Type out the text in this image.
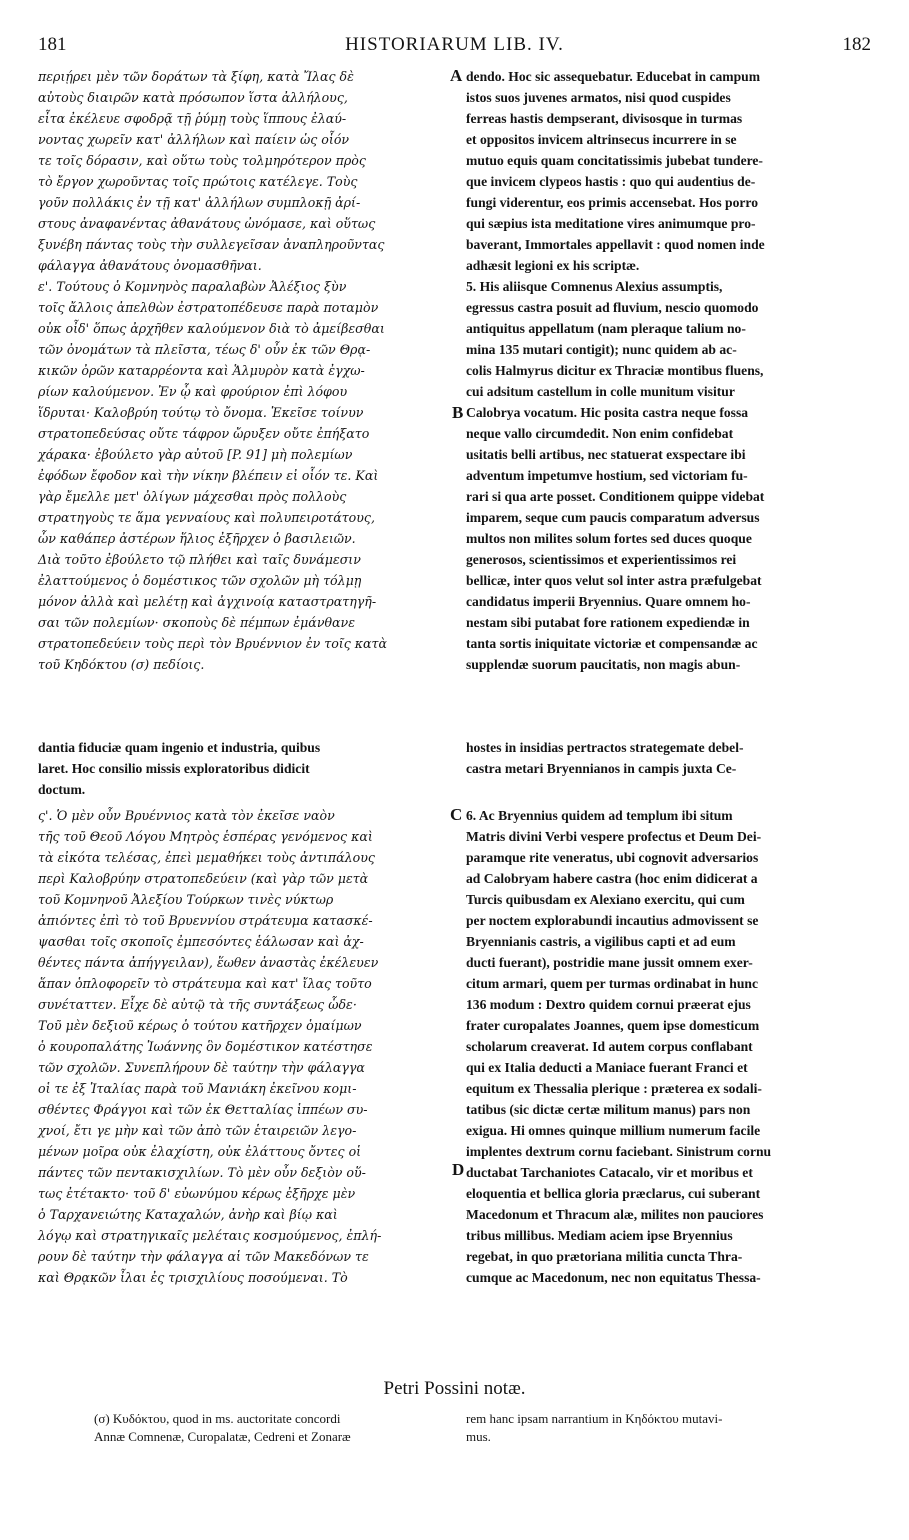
181	HISTORIARUM LIB. IV.	182
περιῄρει μὲν τῶν δοράτων τὰ ξίφη, κατὰ Ἴλας δὲ
αὐτοὺς διαιρῶν κατὰ πρόσωπον ἵστα ἀλλήλους,
εἶτα ἐκέλευε σφοδρᾷ τῇ ῥύμῃ τοὺς ἵππους ἐλαύ-
νοντας χωρεῖν κατ' ἀλλήλων καὶ παίειν ὡς οἷόν
τε τοῖς δόρασιν, καὶ οὕτω τοὺς τολμηρότερον πρὸς
τὸ ἔργον χωροῦντας τοῖς πρώτοις κατέλεγε. Τοὺς
γοῦν πολλάκις ἐν τῇ κατ' ἀλλήλων συμπλοκῇ ἀρί-
στους ἀναφανέντας ἀθανάτους ὠνόμασε, καὶ οὕτως
ξυνέβη πάντας τοὺς τὴν συλλεγεῖσαν ἀναπληροῦντας
φάλαγγα ἀθανάτους ὀνομασθῆναι.
ε'. Τούτους ὁ Κομνηνὸς παραλαβὼν Ἀλέξιος ξὺν
τοῖς ἄλλοις ἀπελθὼν ἐστρατοπέδευσε παρὰ ποταμὸν
οὐκ οἶδ' ὅπως ἀρχῆθεν καλούμενον διὰ τὸ ἀμείβεσθαι
τῶν ὀνομάτων τὰ πλεῖστα, τέως δ' οὖν ἐκ τῶν Θρᾳ-
κικῶν ὀρῶν καταρρέοντα καὶ Ἁλμυρὸν κατὰ ἐγχω-
ρίων καλούμενον. Ἐν ᾧ καὶ φρούριον ἐπὶ λόφου
ἵδρυται· Καλοβρύη τούτῳ τὸ ὄνομα. Ἐκεῖσε τοίνυν
στρατοπεδεύσας οὔτε τάφρον ὤρυξεν οὔτε ἐπήξατο
χάρακα· ἐβούλετο γὰρ αὐτοῦ [P. 91] μὴ πολεμίων
ἐφόδων ἔφοδον καὶ τὴν νίκην βλέπειν εἰ οἷόν τε. Καὶ
γὰρ ἔμελλε μετ' ὀλίγων μάχεσθαι πρὸς πολλοὺς
στρατηγοὺς τε ἅμα γενναίους καὶ πολυπειροτάτους,
ὧν καθάπερ ἀστέρων ἥλιος ἐξῆρχεν ὁ βασιλειῶν.
Διὰ τοῦτο ἐβούλετο τῷ πλήθει καὶ ταῖς δυνάμεσιν
ἐλαττούμενος ὁ δομέστικος τῶν σχολῶν μὴ τόλμῃ
μόνον ἀλλὰ καὶ μελέτῃ καὶ ἀγχινοίᾳ καταστρατηγῆ-
σαι τῶν πολεμίων· σκοποὺς δὲ πέμπων ἐμάνθανε
στρατοπεδεύειν τοὺς περὶ τὸν Βρυέννιον ἐν τοῖς κατὰ
τοῦ Κηδόκτου (σ) πεδίοις.
dendo. Hoc sic assequebatur. Educebat in campum
istos suos juvenes armatos, nisi quod cuspides
ferreas hastis dempserant, divisosque in turmas
et oppositos invicem altrinsecus incurrere in se
mutuo equis quam concitatissimis jubebat tundere-
que invicem clypeos hastis : quo qui audentius de-
fungi viderentur, eos primis accensebat. Hos porro
qui sæpius ista meditatione vires animumque pro-
baverant, Immortales appellavit : quod nomen inde
adhæsit legioni ex his scriptæ.
5. His aliisque Comnenus Alexius assumptis,
egressus castra posuit ad fluvium, nescio quomodo
antiquitus appellatum (nam pleraque talium no-
mina 135 mutari contigit); nunc quidem ab ac-
colis Halmyrus dicitur ex Thraciæ montibus fluens,
cui adsitum castellum in colle munitum visitur
Calobrya vocatum. Hic posita castra neque fossa
neque vallo circumdedit. Non enim confidebat
usitatis belli artibus, nec statuerat exspectare ibi
adventum impetumve hostium, sed victoriam fu-
rari si qua arte posset. Conditionem quippe videbat
imparem, seque cum paucis comparatum adversus
multos non milites solum fortes sed duces quoque
generosos, scientissimos et experientissimos rei
bellicæ, inter quos velut sol inter astra præfulgebat
candidatus imperii Bryennius. Quare omnem ho-
nestam sibi putabat fore rationem expediendæ in
tanta sortis iniquitate victoriæ et compensandæ ac
supplendæ suorum paucitatis, non magis abun-
dantia fiduciæ quam ingenio et industria, quibus
laret. Hoc consilio missis exploratoribus didicit
doctum.
hostes in insidias pertractos strategemate debel-
castra metari Bryennianos in campis juxta Ce-
ς'. Ὁ μὲν οὖν Βρυέννιος κατὰ τὸν ἐκεῖσε ναὸν
τῆς τοῦ Θεοῦ Λόγου Μητρὸς ἑσπέρας γενόμενος καὶ
τὰ εἰκότα τελέσας, ἐπεὶ μεμαθήκει τοὺς ἀντιπάλους
περὶ Καλοβρύην στρατοπεδεύειν (καὶ γὰρ τῶν μετὰ
τοῦ Κομνηνοῦ Ἀλεξίου Τούρκων τινὲς νύκτωρ
ἀπιόντες ἐπὶ τὸ τοῦ Βρυεννίου στράτευμα κατασκέ-
ψασθαι τοῖς σκοποῖς ἐμπεσόντες ἑάλωσαν καὶ ἀχ-
θέντες πάντα ἀπήγγειλαν), ἕωθεν ἀναστὰς ἐκέλευεν
ἅπαν ὁπλοφορεῖν τὸ στράτευμα καὶ κατ' ἴλας τοῦτο
συνέταττεν. Εἶχε δὲ αὐτῷ τὰ τῆς συντάξεως ὧδε·
Τοῦ μὲν δεξιοῦ κέρως ὁ τούτου κατῆρχεν ὁμαίμων
ὁ κουροπαλάτης Ἰωάννης ὃν δομέστικον κατέστησε
τῶν σχολῶν. Συνεπλήρουν δὲ ταύτην τὴν φάλαγγα
οἱ τε ἐξ Ἰταλίας παρὰ τοῦ Μανιάκη ἐκεῖνου κομι-
σθέντες Φράγγοι καὶ τῶν ἐκ Θετταλίας ἱππέων συ-
χνοί, ἔτι γε μὴν καὶ τῶν ἀπὸ τῶν ἑταιρειῶν λεγο-
μένων μοῖρα οὐκ ἐλαχίστη, οὐκ ἐλάττους ὄντες οἱ
πάντες τῶν πεντακισχιλίων. Τὸ μὲν οὖν δεξιὸν οὕ-
τως ἐτέτακτο· τοῦ δ' εὐωνύμου κέρως ἐξῆρχε μὲν
ὁ Ταρχανειώτης Καταχαλών, ἀνὴρ καὶ βίῳ καὶ
λόγῳ καὶ στρατηγικαῖς μελέταις κοσμούμενος, ἐπλή-
ρουν δὲ ταύτην τὴν φάλαγγα αἱ τῶν Μακεδόνων τε
καὶ Θρᾳκῶν ἶλαι ἐς τρισχιλίους ποσούμεναι. Τὸ
6. Ac Bryennius quidem ad templum ibi situm
Matris divini Verbi vespere profectus et Deum Dei-
paramque rite veneratus, ubi cognovit adversarios
ad Calobryam habere castra (hoc enim didicerat a
Turcis quibusdam ex Alexiano exercitu, qui cum
per noctem explorabundi incautius admovissent se
Bryennianis castris, a vigilibus capti et ad eum
ducti fuerant), postridie mane jussit omnem exer-
citum armari, quem per turmas ordinabat in hunc
136 modum : Dextro quidem cornui præerat ejus
frater curopalates Joannes, quem ipse domesticum
scholarum creaverat. Id autem corpus conflabant
qui ex Italia deducti a Maniace fuerant Franci et
equitum ex Thessalia plerique : præterea ex sodali-
tatibus (sic dictæ certæ militum manus) pars non
exigua. Hi omnes quinque millium numerum facile
implentes dextrum cornu faciebant. Sinistrum cornu
ductabat Tarchaniotes Catacalo, vir et moribus et
eloquentia et bellica gloria præclarus, cui suberant
Macedonum et Thracum alæ, milites non pauciores
tribus millibus. Mediam aciem ipse Bryennius
regebat, in quo prætoriana militia cuncta Thra-
cumque ac Macedonum, nec non equitatus Thessa-
A
B
C
D
Petri Possini notæ.
(σ) Κυδόκτου, quod in ms. auctoritate concordi
Annæ Comnenæ, Curopalatæ, Cedreni et Zonaræ
rem hanc ipsam narrantium in Κηδόκτου mutavi-
mus.
